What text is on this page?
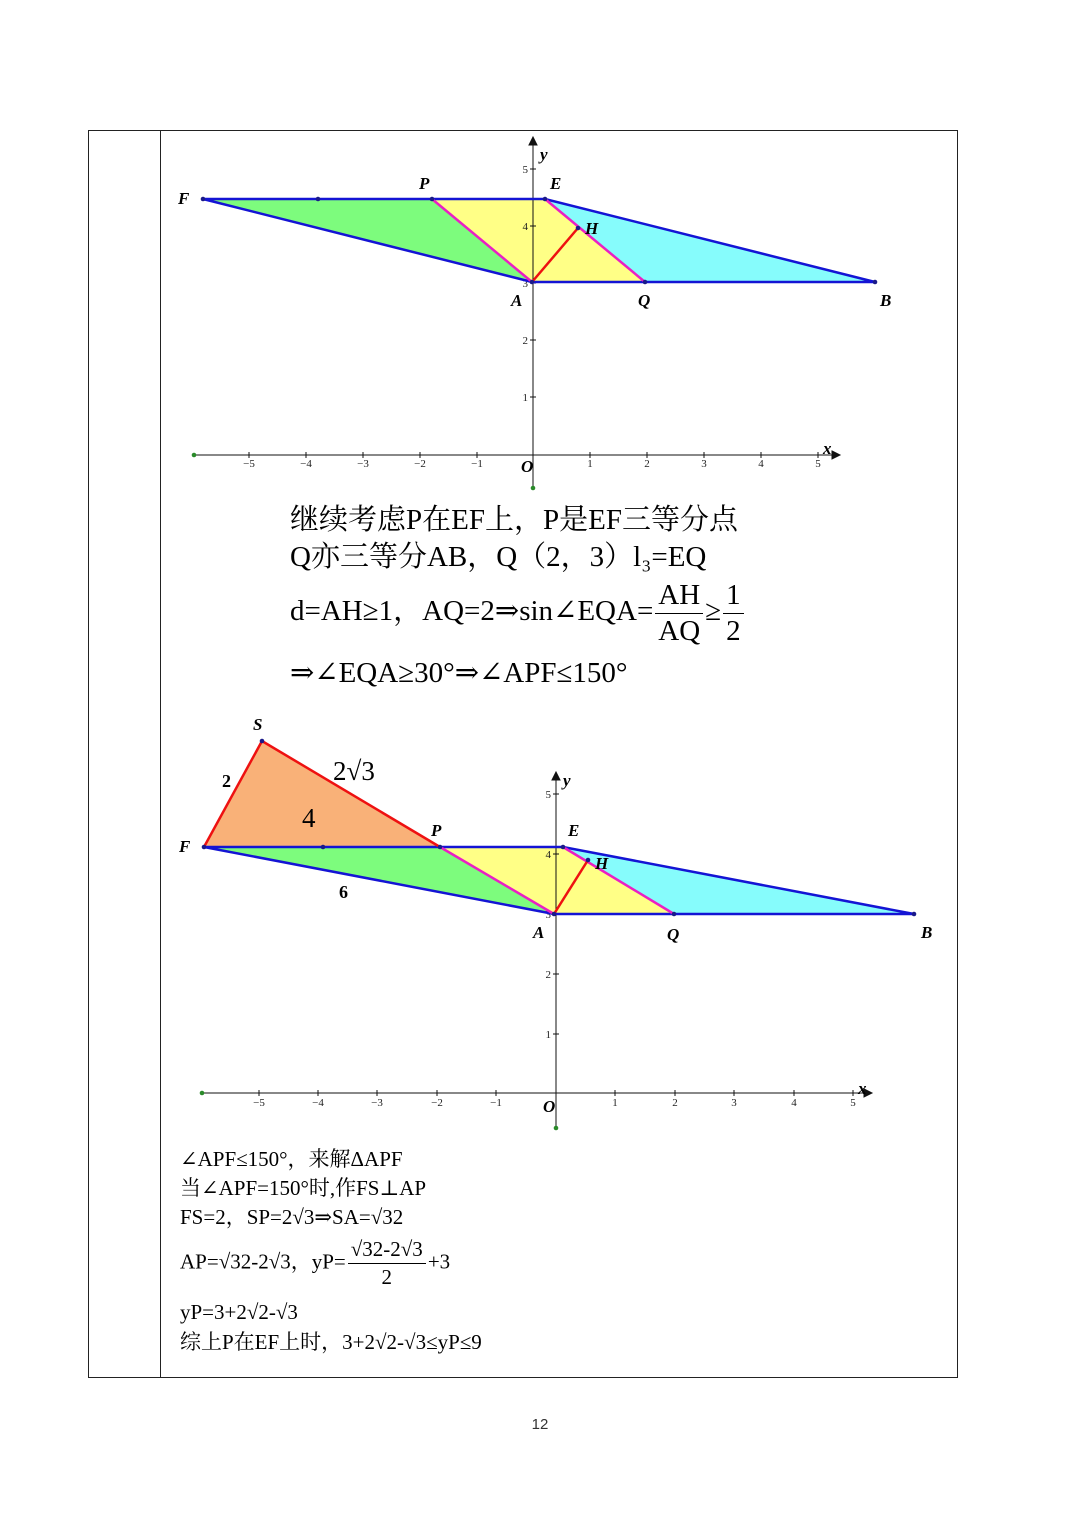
−5	−4	−3	−2	−1	1	2	3	4	5
1
2
3
4
5
F
P	E
H
A	Q	B
O
x
y
继续考虑P在EF上，P是EF三等分点
Q亦三等分AB，Q（2，3）l₃=EQ
d=AH≥1，AQ=2⇒sin∠EQA= $\frac{AH}{AQ} \ge \frac{1}{2}$
⇒∠EQA≥30°⇒∠APF≤150°
−5	−4	−3	−2	−1	1	2	3	4	5
1
2
3
4
5
S
F
P	E
H
A	Q	B
O
x
y
2	2√3
4
6
∠APF≤150°，来解ΔAPF
当∠APF=150°时,作FS⊥AP
FS=2，SP=2√3⇒SA=√32
AP=√32-2√3，$yP= \frac{√32-2√3}{2} +3$
yP=3+2√2-√3
综上P在EF上时，3+2√2-√3≤yP≤9
12
